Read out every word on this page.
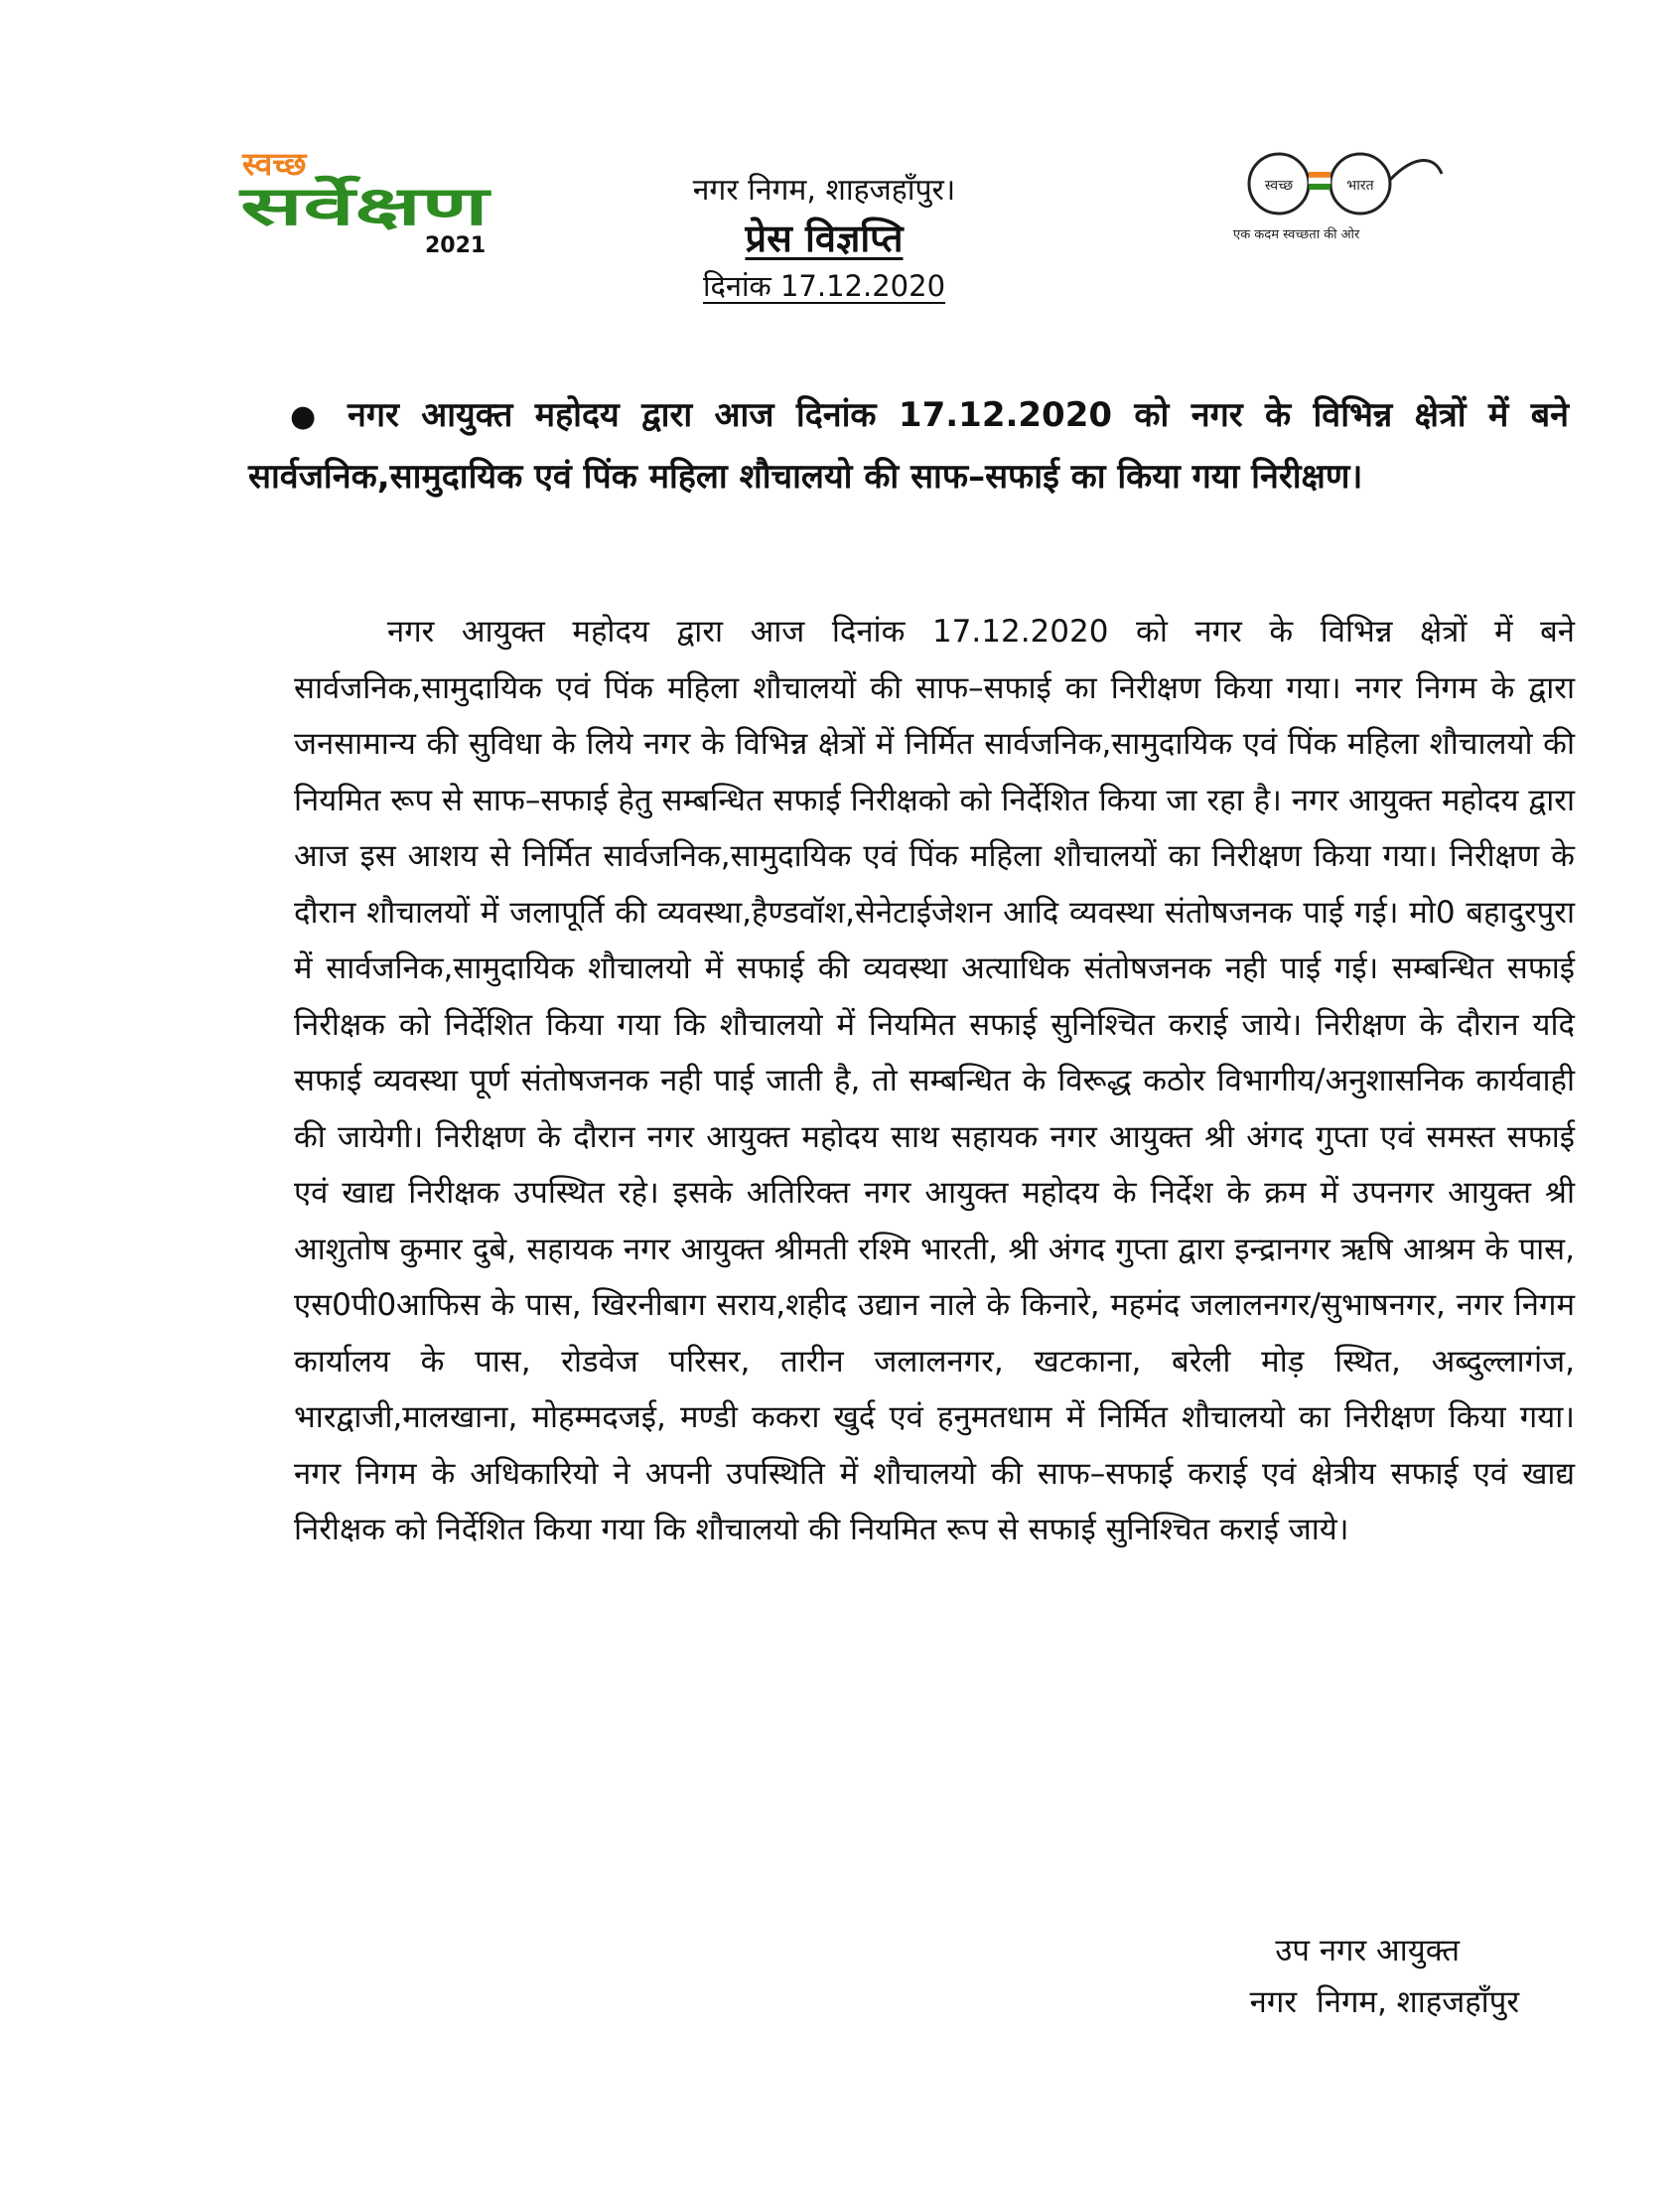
स्वच्छ
सर्वेक्षण
2021
स्वच्छ	भारत
एक कदम स्वच्छता की ओर
नगर निगम, शाहजहाँपुर।
प्रेस विज्ञप्ति
दिनांक 17.12.2020
● नगर आयुक्त महोदय द्वारा आज दिनांक 17.12.2020 को नगर के विभिन्न क्षेत्रों में बने सार्वजनिक,सामुदायिक एवं पिंक महिला शौचालयो की साफ–सफाई का किया गया निरीक्षण।

नगर आयुक्त महोदय द्वारा आज दिनांक 17.12.2020 को नगर के विभिन्न क्षेत्रों में बने सार्वजनिक,सामुदायिक एवं पिंक महिला शौचालयों की साफ–सफाई का निरीक्षण किया गया। नगर निगम के द्वारा जनसामान्य की सुविधा के लिये नगर के विभिन्न क्षेत्रों में निर्मित सार्वजनिक,सामुदायिक एवं पिंक महिला शौचालयो की नियमित रूप से साफ–सफाई हेतु सम्बन्धित सफाई निरीक्षको को निर्देशित किया जा रहा है। नगर आयुक्त महोदय द्वारा आज इस आशय से निर्मित सार्वजनिक,सामुदायिक एवं पिंक महिला शौचालयों का निरीक्षण किया गया। निरीक्षण के दौरान शौचालयों में जलापूर्ति की व्यवस्था,हैण्डवॉश,सेनेटाईजेशन आदि व्यवस्था संतोषजनक पाई गई। मो0 बहादुरपुरा में सार्वजनिक,सामुदायिक शौचालयो में सफाई की व्यवस्था अत्याधिक संतोषजनक नही पाई गई। सम्बन्धित सफाई निरीक्षक को निर्देशित किया गया कि शौचालयो में नियमित सफाई सुनिश्चित कराई जाये। निरीक्षण के दौरान यदि सफाई व्यवस्था पूर्ण संतोषजनक नही पाई जाती है, तो सम्बन्धित के विरूद्ध कठोर विभागीय/अनुशासनिक कार्यवाही की जायेगी। निरीक्षण के दौरान नगर आयुक्त महोदय साथ सहायक नगर आयुक्त श्री अंगद गुप्ता एवं समस्त सफाई एवं खाद्य निरीक्षक उपस्थित रहे। इसके अतिरिक्त नगर आयुक्त महोदय के निर्देश के क्रम में उपनगर आयुक्त श्री आशुतोष कुमार दुबे, सहायक नगर आयुक्त श्रीमती रश्मि भारती, श्री अंगद गुप्ता द्वारा इन्द्रानगर ऋषि आश्रम के पास, एस0पी0आफिस के पास, खिरनीबाग सराय,शहीद उद्यान नाले के किनारे, महमंद जलालनगर/सुभाषनगर, नगर निगम कार्यालय के पास, रोडवेज परिसर, तारीन जलालनगर, खटकाना, बरेली मोड़ स्थित, अब्दुल्लागंज, भारद्वाजी,मालखाना, मोहम्मदजई, मण्डी ककरा खुर्द एवं हनुमतधाम में निर्मित शौचालयो का निरीक्षण किया गया। नगर निगम के अधिकारियो ने अपनी उपस्थिति में शौचालयो की साफ–सफाई कराई एवं क्षेत्रीय सफाई एवं खाद्य निरीक्षक को निर्देशित किया गया कि शौचालयो की नियमित रूप से सफाई सुनिश्चित कराई जाये।

उप नगर आयुक्त
नगर  निगम, शाहजहाँपुर
